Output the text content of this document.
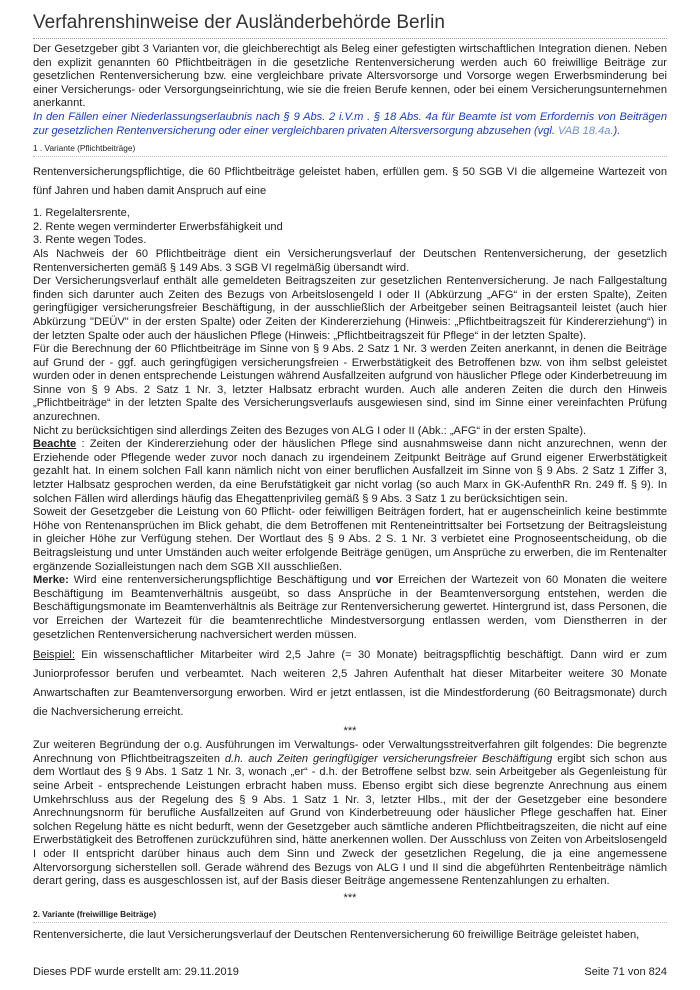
Verfahrenshinweise der Ausländerbehörde Berlin

Der Gesetzgeber gibt 3 Varianten vor, die gleichberechtigt als Beleg einer gefestigten wirtschaftlichen Integration dienen. Neben den explizit genannten 60 Pflichtbeiträgen in die gesetzliche Rentenversicherung werden auch 60 freiwillige Beiträge zur gesetzlichen Rentenversicherung bzw. eine vergleichbare private Altersvorsorge und Vorsorge wegen Erwerbsminderung bei einer Versicherungs- oder Versorgungseinrichtung, wie sie die freien Berufe kennen, oder bei einem Versicherungsunternehmen anerkannt.
In den Fällen einer Niederlassungserlaubnis nach § 9 Abs. 2 i.V.m . § 18 Abs. 4a für Beamte ist vom Erfordernis von Beiträgen zur gesetzlichen Rentenversicherung oder einer vergleichbaren privaten Altersversorgung abzusehen (vgl. VAB 18.4a.).

1 . Variante (Pflichtbeiträge)

Rentenversicherungspflichtige, die 60 Pflichtbeiträge geleistet haben, erfüllen gem. § 50 SGB VI die allgemeine Wartezeit von fünf Jahren und haben damit Anspruch auf eine

1. Regelaltersrente,
2. Rente wegen verminderter Erwerbsfähigkeit und
3. Rente wegen Todes.

Als Nachweis der 60 Pflichtbeiträge dient ein Versicherungsverlauf der Deutschen Rentenversicherung, der gesetzlich Rentenversicherten gemäß § 149 Abs. 3 SGB VI regelmäßig übersandt wird.

Der Versicherungsverlauf enthält alle gemeldeten Beitragszeiten zur gesetzlichen Rentenversicherung. Je nach Fallgestaltung finden sich darunter auch Zeiten des Bezugs von Arbeitslosengeld I oder II (Abkürzung „AFG“ in der ersten Spalte), Zeiten geringfügiger versicherungsfreier Beschäftigung, in der ausschließlich der Arbeitgeber seinen Beitragsanteil leistet (auch hier Abkürzung "DEÜV" in der ersten Spalte) oder Zeiten der Kindererziehung (Hinweis: „Pflichtbeitragszeit für Kindererziehung“) in der letzten Spalte oder auch der häuslichen Pflege (Hinweis: „Pflichtbeitragszeit für Pflege“ in der letzten Spalte).

Für die Berechnung der 60 Pflichtbeiträge im Sinne von § 9 Abs. 2 Satz 1 Nr. 3 werden Zeiten anerkannt, in denen die Beiträge auf Grund der - ggf. auch geringfügigen versicherungsfreien - Erwerbstätigkeit des Betroffenen bzw. von ihm selbst geleistet wurden oder in denen entsprechende Leistungen während Ausfallzeiten aufgrund von häuslicher Pflege oder Kinderbetreuung im Sinne von § 9 Abs. 2 Satz 1 Nr. 3, letzter Halbsatz erbracht wurden. Auch alle anderen Zeiten die durch den Hinweis „Pflichtbeiträge“ in der letzten Spalte des Versicherungsverlaufs ausgewiesen sind, sind im Sinne einer vereinfachten Prüfung anzurechnen.

Nicht zu berücksichtigen sind allerdings Zeiten des Bezuges von ALG I oder II (Abk.: „AFG“ in der ersten Spalte).

Beachte : Zeiten der Kindererziehung oder der häuslichen Pflege sind ausnahmsweise dann nicht anzurechnen, wenn der Erziehende oder Pflegende weder zuvor noch danach zu irgendeinem Zeitpunkt Beiträge auf Grund eigener Erwerbstätigkeit gezahlt hat. In einem solchen Fall kann nämlich nicht von einer beruflichen Ausfallzeit im Sinne von § 9 Abs. 2 Satz 1 Ziffer 3, letzter Halbsatz gesprochen werden, da eine Berufstätigkeit gar nicht vorlag (so auch Marx in GK-AufenthR Rn. 249 ff. § 9). In solchen Fällen wird allerdings häufig das Ehegattenprivileg gemäß § 9 Abs. 3 Satz 1 zu berücksichtigen sein.

Soweit der Gesetzgeber die Leistung von 60 Pflicht- oder feiwilligen Beiträgen fordert, hat er augenscheinlich keine bestimmte Höhe von Rentenansprüchen im Blick gehabt, die dem Betroffenen mit Renteneintrittsalter bei Fortsetzung der Beitragsleistung in gleicher Höhe zur Verfügung stehen. Der Wortlaut des § 9 Abs. 2 S. 1 Nr. 3 verbietet eine Prognoseentscheidung, ob die Beitragsleistung und unter Umständen auch weiter erfolgende Beiträge genügen, um Ansprüche zu erwerben, die im Rentenalter ergänzende Sozialleistungen nach dem SGB XII ausschließen.

Merke: Wird eine rentenversicherungspflichtige Beschäftigung und vor Erreichen der Wartezeit von 60 Monaten die weitere Beschäftigung im Beamtenverhältnis ausgeübt, so dass Ansprüche in der Beamtenversorgung entstehen, werden die Beschäftigungsmonate im Beamtenverhältnis als Beiträge zur Rentenversicherung gewertet. Hintergrund ist, dass Personen, die vor Erreichen der Wartezeit für die beamtenrechtliche Mindestversorgung entlassen werden, vom Dienstherren in der gesetzlichen Rentenversicherung nachversichert werden müssen.

Beispiel: Ein wissenschaftlicher Mitarbeiter wird 2,5 Jahre (= 30 Monate) beitragspflichtig beschäftigt. Dann wird er zum Juniorprofessor berufen und verbeamtet. Nach weiteren 2,5 Jahren Aufenthalt hat dieser Mitarbeiter weitere 30 Monate Anwartschaften zur Beamtenversorgung erworben. Wird er jetzt entlassen, ist die Mindestforderung (60 Beitragsmonate) durch die Nachversicherung erreicht.

***

Zur weiteren Begründung der o.g. Ausführungen im Verwaltungs- oder Verwaltungsstreitverfahren gilt folgendes: Die begrenzte Anrechnung von Pflichtbeitragszeiten d.h. auch Zeiten geringfügiger versicherungsfreier Beschäftigung ergibt sich schon aus dem Wortlaut des § 9 Abs. 1 Satz 1 Nr. 3, wonach „er“ - d.h. der Betroffene selbst bzw. sein Arbeitgeber als Gegenleistung für seine Arbeit - entsprechende Leistungen erbracht haben muss. Ebenso ergibt sich diese begrenzte Anrechnung aus einem Umkehrschluss aus der Regelung des § 9 Abs. 1 Satz 1 Nr. 3, letzter Hlbs., mit der der Gesetzgeber eine besondere Anrechnungsnorm für berufliche Ausfallzeiten auf Grund von Kinderbetreuung oder häuslicher Pflege geschaffen hat. Einer solchen Regelung hätte es nicht bedurft, wenn der Gesetzgeber auch sämtliche anderen Pflichtbeitragszeiten, die nicht auf eine Erwerbstätigkeit des Betroffenen zurückzuführen sind, hätte anerkennen wollen. Der Ausschluss von Zeiten von Arbeitslosengeld I oder II entspricht darüber hinaus auch dem Sinn und Zweck der gesetzlichen Regelung, die ja eine angemessene Altervorsorgung sicherstellen soll. Gerade während des Bezugs von ALG I und II sind die abgeführten Rentenbeiträge nämlich derart gering, dass es ausgeschlossen ist, auf der Basis dieser Beiträge angemessene Rentenzahlungen zu erhalten.

***
2. Variante (freiwillige Beiträge)

Rentenversicherte, die laut Versicherungsverlauf der Deutschen Rentenversicherung 60 freiwillige Beiträge geleistet haben,

Dieses PDF wurde erstellt am: 29.11.2019	Seite 71 von 824
